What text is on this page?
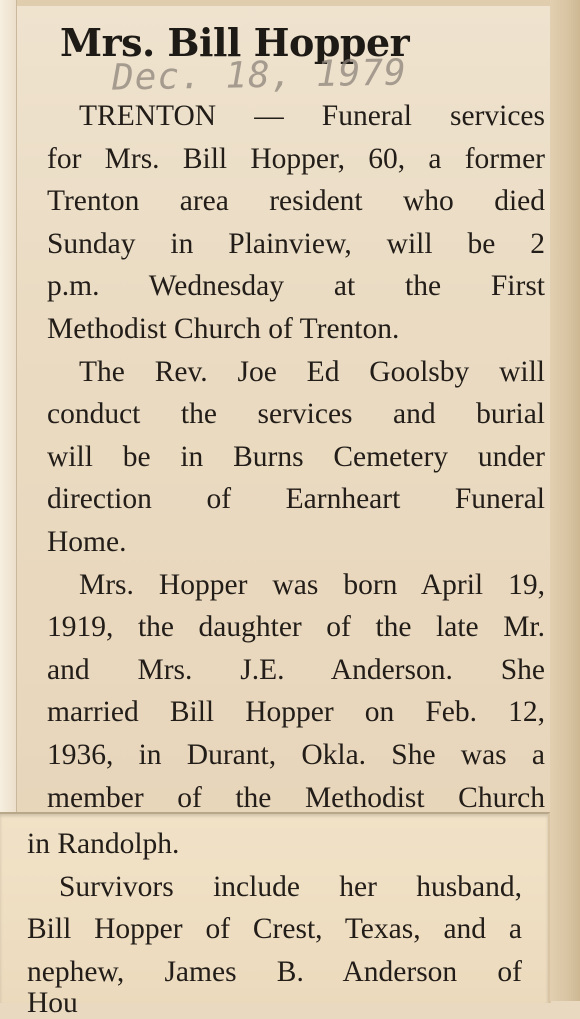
Mrs. Bill Hopper
Dec. 18, 1979
TRENTON — Funeral services
for Mrs. Bill Hopper, 60, a former
Trenton area resident who died
Sunday in Plainview, will be 2
p.m. Wednesday at the First
Methodist Church of Trenton.
The Rev. Joe Ed Goolsby will
conduct the services and burial
will be in Burns Cemetery under
direction of Earnheart Funeral
Home.
Mrs. Hopper was born April 19,
1919, the daughter of the late Mr.
and Mrs. J.E. Anderson. She
married Bill Hopper on Feb. 12,
1936, in Durant, Okla. She was a
member of the Methodist Church
in Randolph.
Survivors include her husband,
Bill Hopper of Crest, Texas, and a
nephew, James B. Anderson of
Hou
